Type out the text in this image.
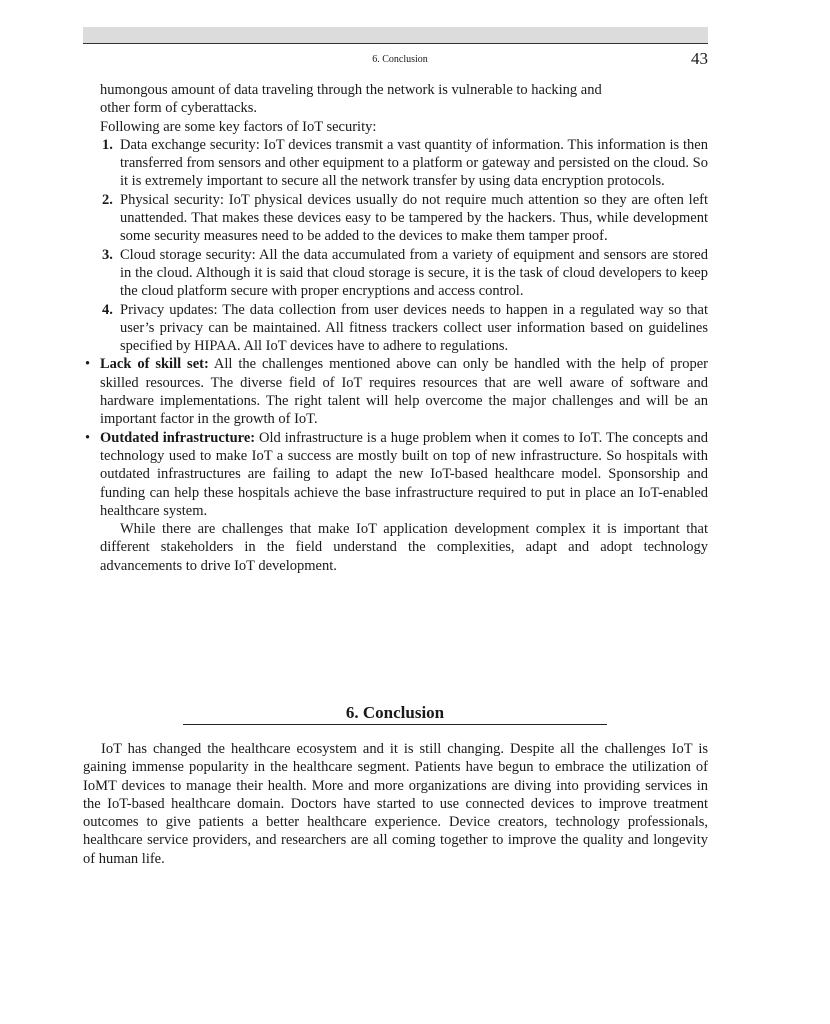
6. Conclusion	43

humongous amount of data traveling through the network is vulnerable to hacking and

other form of cyberattacks.

Following are some key factors of IoT security:

1. Data exchange security: IoT devices transmit a vast quantity of information. This information is then transferred from sensors and other equipment to a platform or gateway and persisted on the cloud. So it is extremely important to secure all the network transfer by using data encryption protocols.
2. Physical security: IoT physical devices usually do not require much attention so they are often left unattended. That makes these devices easy to be tampered by the hackers. Thus, while development some security measures need to be added to the devices to make them tamper proof.
3. Cloud storage security: All the data accumulated from a variety of equipment and sensors are stored in the cloud. Although it is said that cloud storage is secure, it is the task of cloud developers to keep the cloud platform secure with proper encryptions and access control.
4. Privacy updates: The data collection from user devices needs to happen in a regulated way so that user’s privacy can be maintained. All fitness trackers collect user information based on guidelines specified by HIPAA. All IoT devices have to adhere to regulations.
• Lack of skill set: All the challenges mentioned above can only be handled with the help of proper skilled resources. The diverse field of IoT requires resources that are well aware of software and hardware implementations. The right talent will help overcome the major challenges and will be an important factor in the growth of IoT.
• Outdated infrastructure: Old infrastructure is a huge problem when it comes to IoT. The concepts and technology used to make IoT a success are mostly built on top of new infrastructure. So hospitals with outdated infrastructures are failing to adapt the new IoT-based healthcare model. Sponsorship and funding can help these hospitals achieve the base infrastructure required to put in place an IoT-enabled healthcare system.

While there are challenges that make IoT application development complex it is important that different stakeholders in the field understand the complexities, adapt and adopt technology advancements to drive IoT development.

6. Conclusion

IoT has changed the healthcare ecosystem and it is still changing. Despite all the challenges IoT is gaining immense popularity in the healthcare segment. Patients have begun to embrace the utilization of IoMT devices to manage their health. More and more organizations are diving into providing services in the IoT-based healthcare domain. Doctors have started to use connected devices to improve treatment outcomes to give patients a better healthcare experience. Device creators, technology professionals, healthcare service providers, and researchers are all coming together to improve the quality and longevity of human life.
